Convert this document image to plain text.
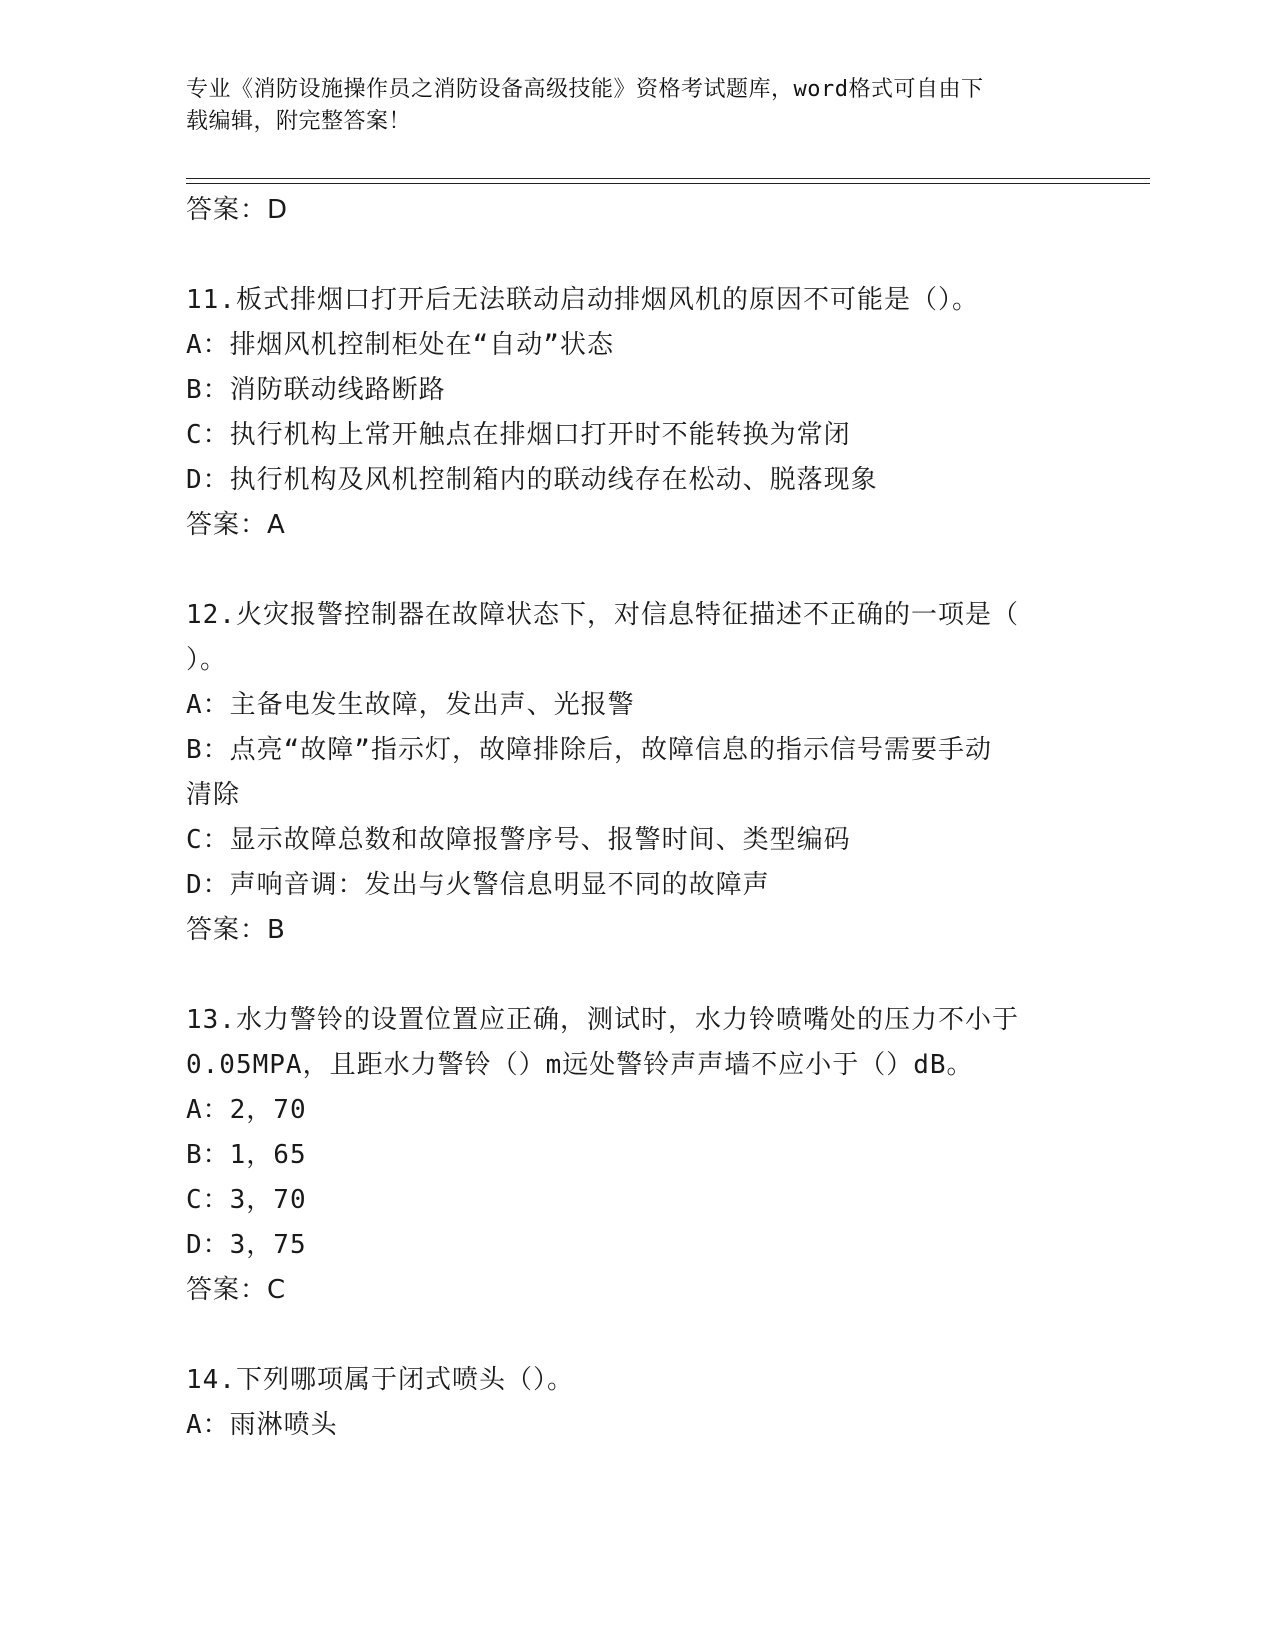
专业《消防设施操作员之消防设备高级技能》资格考试题库，word格式可自由下
载编辑，附完整答案！
答案：D
11.板式排烟口打开后无法联动启动排烟风机的原因不可能是（）。
A：排烟风机控制柜处在“自动”状态
B：消防联动线路断路
C：执行机构上常开触点在排烟口打开时不能转换为常闭
D：执行机构及风机控制箱内的联动线存在松动、脱落现象
答案：A
12.火灾报警控制器在故障状态下，对信息特征描述不正确的一项是（
）。
A：主备电发生故障，发出声、光报警
B：点亮“故障”指示灯，故障排除后，故障信息的指示信号需要手动
清除
C：显示故障总数和故障报警序号、报警时间、类型编码
D：声响音调：发出与火警信息明显不同的故障声
答案：B
13.水力警铃的设置位置应正确，测试时，水力铃喷嘴处的压力不小于
0.05MPA，且距水力警铃（）m远处警铃声声墙不应小于（）dB。
A：2，70
B：1，65
C：3，70
D：3，75
答案：C
14.下列哪项属于闭式喷头（）。
A：雨淋喷头
